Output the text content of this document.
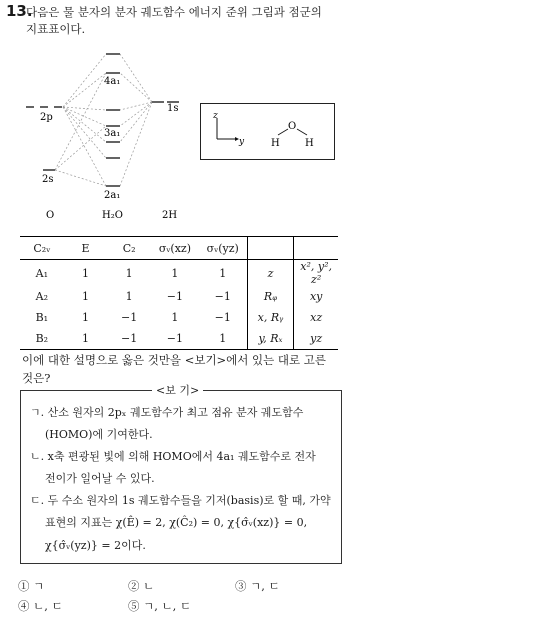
13.
다음은 물 분자의 분자 궤도함수 에너지 준위 그림과 점군의
지표표이다.
2p
2s
4a₁
3a₁
2a₁
1s
O	H₂O	2H
z
y
O
H	H
C₂ᵥ	E	C₂	σᵥ(xz)	σᵥ(yz)		
A₁	1	1	1	1	z	x², y², z²
A₂	1	1	−1	−1	Rᵩ	xy
B₁	1	−1	1	−1	x, Rᵧ	xz
B₂	1	−1	−1	1	y, Rₓ	yz
이에 대한 설명으로 옳은 것만을 <보기>에서 있는 대로 고른
것은?
<보 기>
ㄱ. 산소 원자의 2pₓ 궤도함수가 최고 점유 분자 궤도함수
(HOMO)에 기여한다.
ㄴ. x축 편광된 빛에 의해 HOMO에서 4a₁ 궤도함수로 전자
전이가 일어날 수 있다.
ㄷ. 두 수소 원자의 1s 궤도함수들을 기저(basis)로 할 때, 가약
표현의 지표는 χ(Ê) = 2, χ(Ĉ₂) = 0, χ{σ̂ᵥ(xz)} = 0,
χ{σ̂ᵥ(yz)} = 2이다.
① ㄱ	② ㄴ	③ ㄱ, ㄷ
④ ㄴ, ㄷ	⑤ ㄱ, ㄴ, ㄷ
